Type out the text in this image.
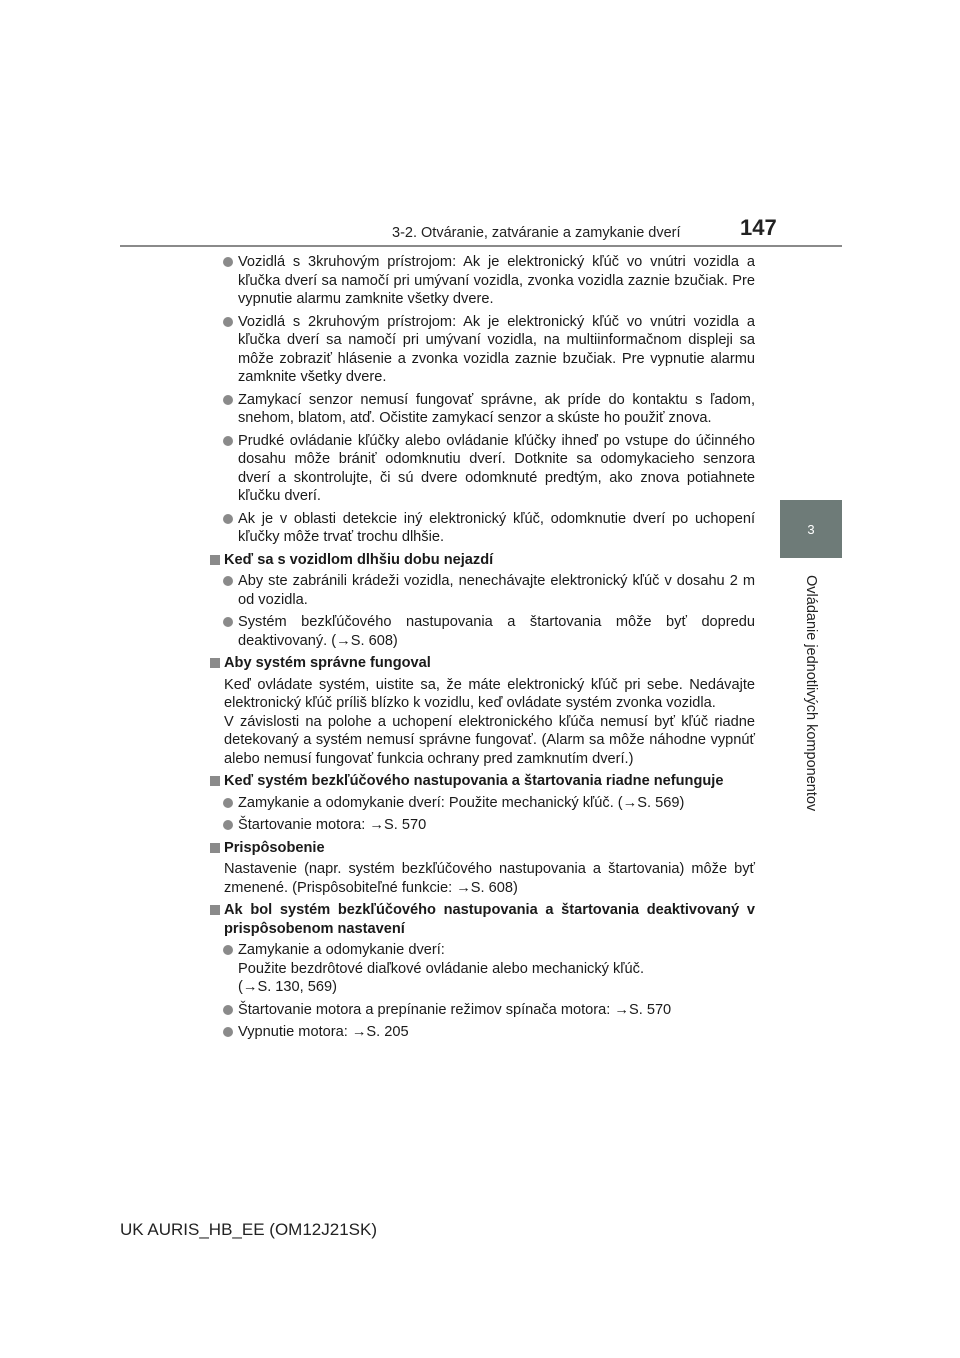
3-2. Otváranie, zatváranie a zamykanie dverí	147
3
Ovládanie jednotlivých komponentov
Vozidlá s 3kruhovým prístrojom: Ak je elektronický kľúč vo vnútri vozidla a kľučka dverí sa namočí pri umývaní vozidla, zvonka vozidla zaznie bzučiak. Pre vypnutie alarmu zamknite všetky dvere.
Vozidlá s 2kruhovým prístrojom: Ak je elektronický kľúč vo vnútri vozidla a kľučka dverí sa namočí pri umývaní vozidla, na multiinformačnom displeji sa môže zobraziť hlásenie a zvonka vozidla zaznie bzučiak. Pre vypnutie alarmu zamknite všetky dvere.
Zamykací senzor nemusí fungovať správne, ak príde do kontaktu s ľadom, snehom, blatom, atď. Očistite zamykací senzor a skúste ho použiť znova.
Prudké ovládanie kľúčky alebo ovládanie kľúčky ihneď po vstupe do účinného dosahu môže brániť odomknutiu dverí. Dotknite sa odomykacieho senzora dverí a skontrolujte, či sú dvere odomknuté predtým, ako znova potiahnete kľučku dverí.
Ak je v oblasti detekcie iný elektronický kľúč, odomknutie dverí po uchopení kľučky môže trvať trochu dlhšie.
Keď sa s vozidlom dlhšiu dobu nejazdí
Aby ste zabránili krádeži vozidla, nenechávajte elektronický kľúč v dosahu 2 m od vozidla.
Systém bezkľúčového nastupovania a štartovania môže byť dopredu deaktivovaný. (→S. 608)
Aby systém správne fungoval

Keď ovládate systém, uistite sa, že máte elektronický kľúč pri sebe. Nedávajte elektronický kľúč príliš blízko k vozidlu, keď ovládate systém zvonka vozidla.

V závislosti na polohe a uchopení elektronického kľúča nemusí byť kľúč riadne detekovaný a systém nemusí správne fungovať. (Alarm sa môže náhodne vypnúť alebo nemusí fungovať funkcia ochrany pred zamknutím dverí.)

Keď systém bezkľúčového nastupovania a štartovania riadne nefunguje
Zamykanie a odomykanie dverí: Použite mechanický kľúč. (→S. 569)
Štartovanie motora: →S. 570
Prispôsobenie

Nastavenie (napr. systém bezkľúčového nastupovania a štartovania) môže byť zmenené. (Prispôsobiteľné funkcie: →S. 608)

Ak bol systém bezkľúčového nastupovania a štartovania deaktivovaný v prispôsobenom nastavení
Zamykanie a odomykanie dverí:
Použite bezdrôtové diaľkové ovládanie alebo mechanický kľúč.
(→S. 130, 569)
Štartovanie motora a prepínanie režimov spínača motora: →S. 570
Vypnutie motora: →S. 205
UK AURIS_HB_EE (OM12J21SK)
